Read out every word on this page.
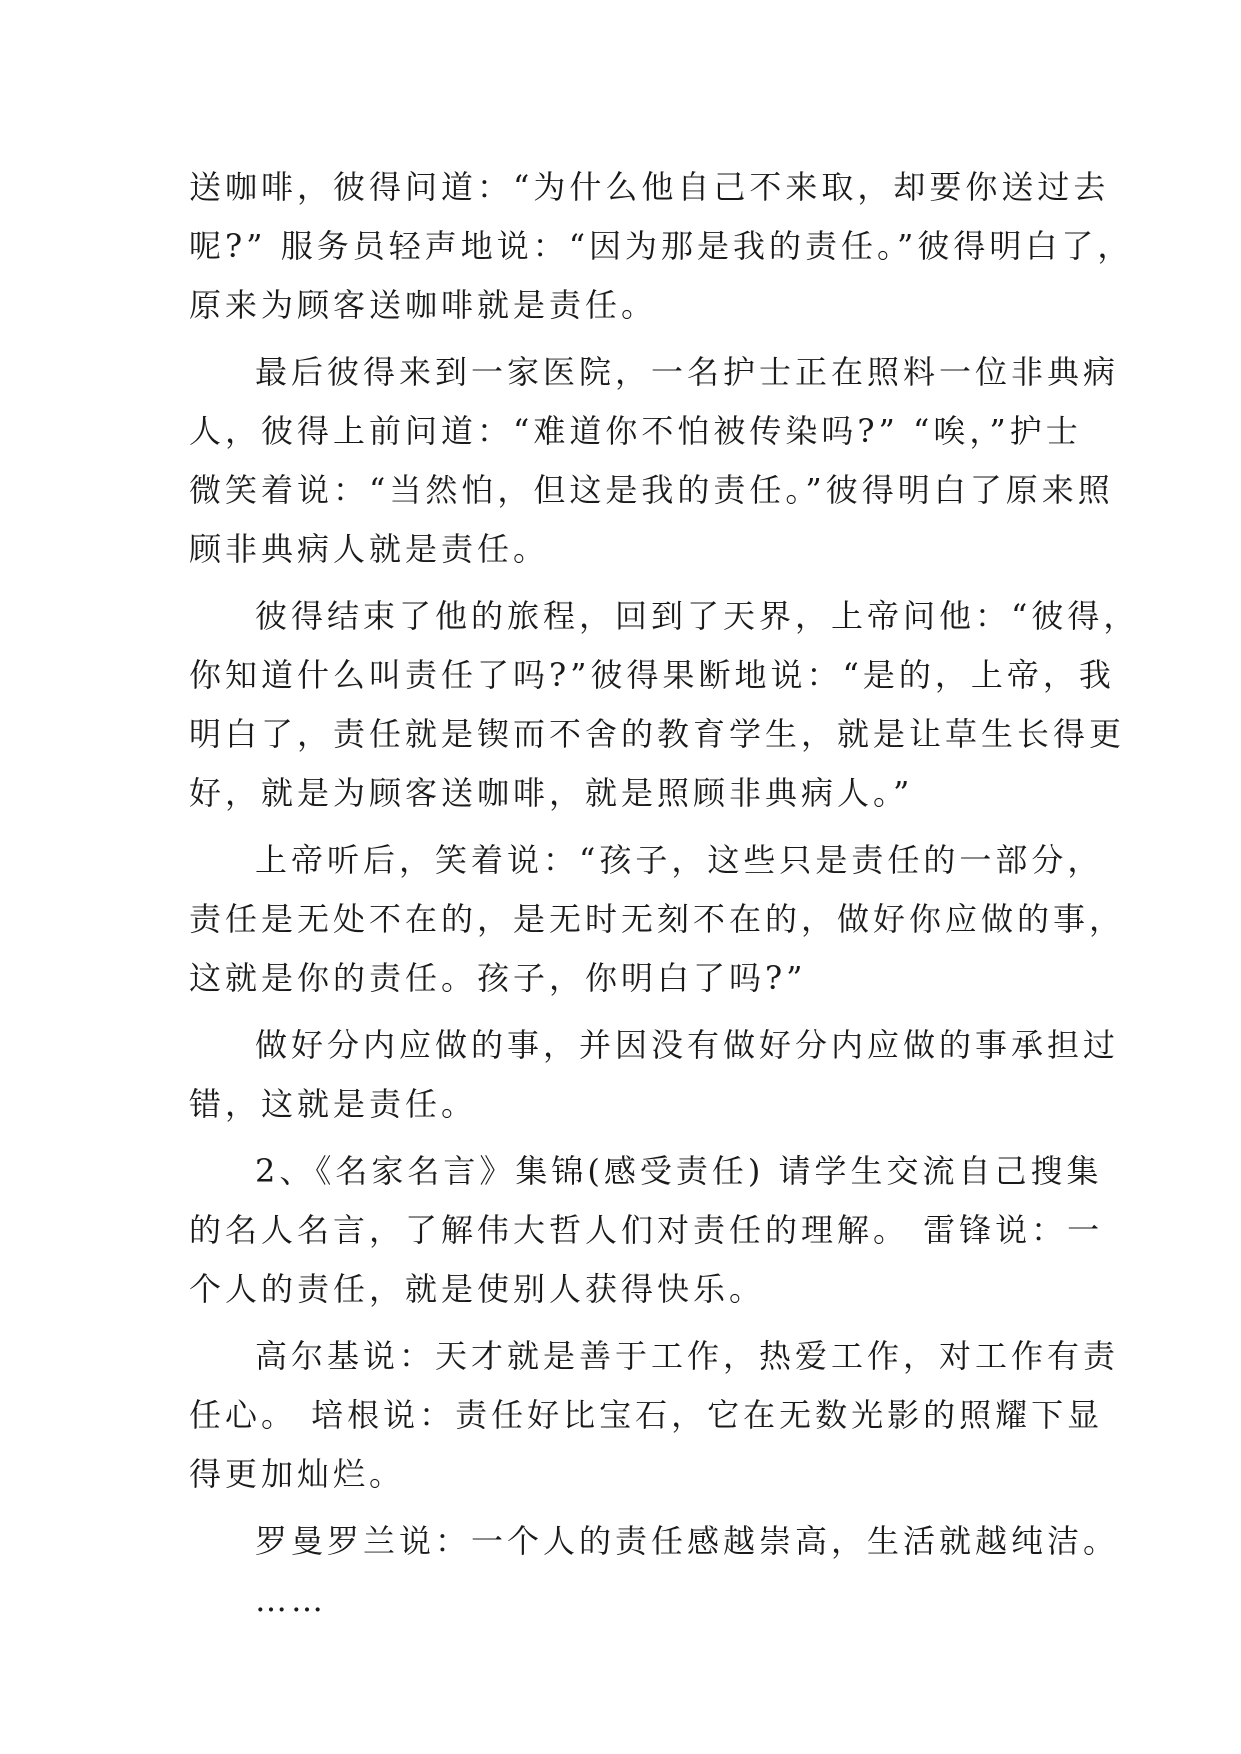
送咖啡，彼得问道：“为什么他自己不来取，却要你送过去
呢?” 服务员轻声地说：“因为那是我的责任。”彼得明白了，
原来为顾客送咖啡就是责任。
最后彼得来到一家医院，一名护士正在照料一位非典病
人，彼得上前问道：“难道你不怕被传染吗?” “唉，”护士
微笑着说：“当然怕，但这是我的责任。”彼得明白了原来照
顾非典病人就是责任。
彼得结束了他的旅程，回到了天界，上帝问他：“彼得，
你知道什么叫责任了吗?”彼得果断地说：“是的，上帝，我
明白了，责任就是锲而不舍的教育学生，就是让草生长得更
好，就是为顾客送咖啡，就是照顾非典病人。”
上帝听后，笑着说：“孩子，这些只是责任的一部分，
责任是无处不在的，是无时无刻不在的，做好你应做的事，
这就是你的责任。孩子，你明白了吗?”
做好分内应做的事，并因没有做好分内应做的事承担过
错，这就是责任。
2、《名家名言》集锦(感受责任) 请学生交流自己搜集
的名人名言，了解伟大哲人们对责任的理解。 雷锋说：一
个人的责任，就是使别人获得快乐。
高尔基说：天才就是善于工作，热爱工作，对工作有责
任心。 培根说：责任好比宝石，它在无数光影的照耀下显
得更加灿烂。
罗曼罗兰说：一个人的责任感越崇高，生活就越纯洁。
……
